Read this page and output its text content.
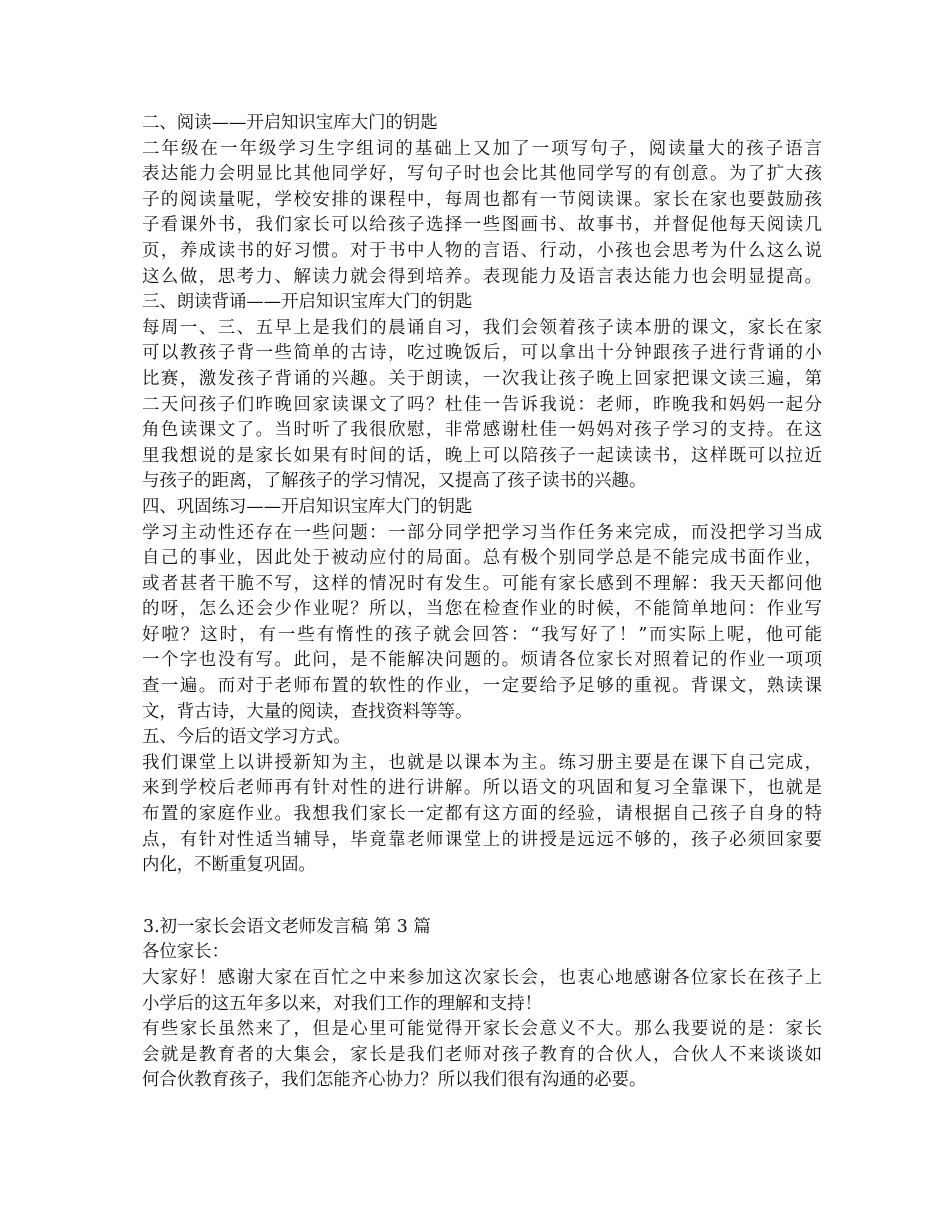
二、阅读——开启知识宝库大门的钥匙
二年级在一年级学习生字组词的基础上又加了一项写句子，阅读量大的孩子语言
表达能力会明显比其他同学好，写句子时也会比其他同学写的有创意。为了扩大孩
子的阅读量呢，学校安排的课程中，每周也都有一节阅读课。家长在家也要鼓励孩
子看课外书，我们家长可以给孩子选择一些图画书、故事书，并督促他每天阅读几
页，养成读书的好习惯。对于书中人物的言语、行动，小孩也会思考为什么这么说
这么做，思考力、解读力就会得到培养。表现能力及语言表达能力也会明显提高。
三、朗读背诵——开启知识宝库大门的钥匙
每周一、三、五早上是我们的晨诵自习，我们会领着孩子读本册的课文，家长在家
可以教孩子背一些简单的古诗，吃过晚饭后，可以拿出十分钟跟孩子进行背诵的小
比赛，激发孩子背诵的兴趣。关于朗读，一次我让孩子晚上回家把课文读三遍，第
二天问孩子们昨晚回家读课文了吗？杜佳一告诉我说：老师，昨晚我和妈妈一起分
角色读课文了。当时听了我很欣慰，非常感谢杜佳一妈妈对孩子学习的支持。在这
里我想说的是家长如果有时间的话，晚上可以陪孩子一起读读书，这样既可以拉近
与孩子的距离，了解孩子的学习情况，又提高了孩子读书的兴趣。
四、巩固练习——开启知识宝库大门的钥匙
学习主动性还存在一些问题：一部分同学把学习当作任务来完成，而没把学习当成
自己的事业，因此处于被动应付的局面。总有极个别同学总是不能完成书面作业，
或者甚者干脆不写，这样的情况时有发生。可能有家长感到不理解：我天天都问他
的呀，怎么还会少作业呢？所以，当您在检查作业的时候，不能简单地问：作业写
好啦？这时，有一些有惰性的孩子就会回答：“我写好了！”而实际上呢，他可能
一个字也没有写。此问，是不能解决问题的。烦请各位家长对照着记的作业一项项
查一遍。而对于老师布置的软性的作业，一定要给予足够的重视。背课文，熟读课
文，背古诗，大量的阅读，查找资料等等。
五、今后的语文学习方式。
我们课堂上以讲授新知为主，也就是以课本为主。练习册主要是在课下自己完成，
来到学校后老师再有针对性的进行讲解。所以语文的巩固和复习全靠课下，也就是
布置的家庭作业。我想我们家长一定都有这方面的经验，请根据自己孩子自身的特
点，有针对性适当辅导，毕竟靠老师课堂上的讲授是远远不够的，孩子必须回家要
内化，不断重复巩固。
3.初一家长会语文老师发言稿 第 3 篇
各位家长：
大家好！感谢大家在百忙之中来参加这次家长会，也衷心地感谢各位家长在孩子上
小学后的这五年多以来，对我们工作的理解和支持！
有些家长虽然来了，但是心里可能觉得开家长会意义不大。那么我要说的是：家长
会就是教育者的大集会，家长是我们老师对孩子教育的合伙人，合伙人不来谈谈如
何合伙教育孩子，我们怎能齐心协力？所以我们很有沟通的必要。
